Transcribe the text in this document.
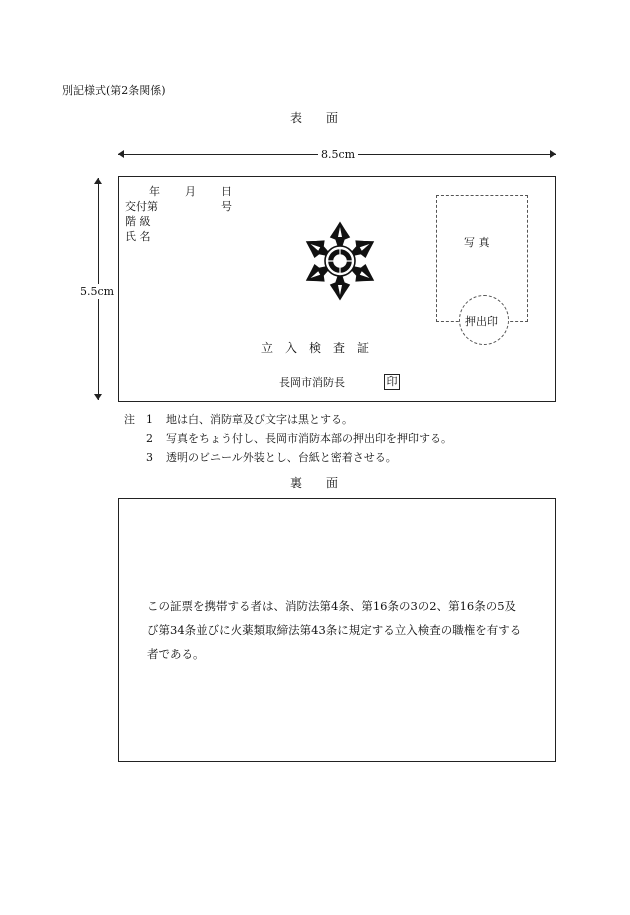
別記様式(第2条関係)
表　　面
8.5cm
5.5cm
年 月 日
交付第	号
階 級
氏 名	写 真
押出印
立　入　検　査　証
長岡市消防長	印
注 1 地は白、消防章及び文字は黒とする。
2 写真をちょう付し、長岡市消防本部の押出印を押印する。
3 透明のビニール外装とし、台紙と密着させる。
裏　　面
この証票を携帯する者は、消防法第4条、第16条の3の2、第16条の5及
び第34条並びに火薬類取締法第43条に規定する立入検査の職権を有する
者である。
